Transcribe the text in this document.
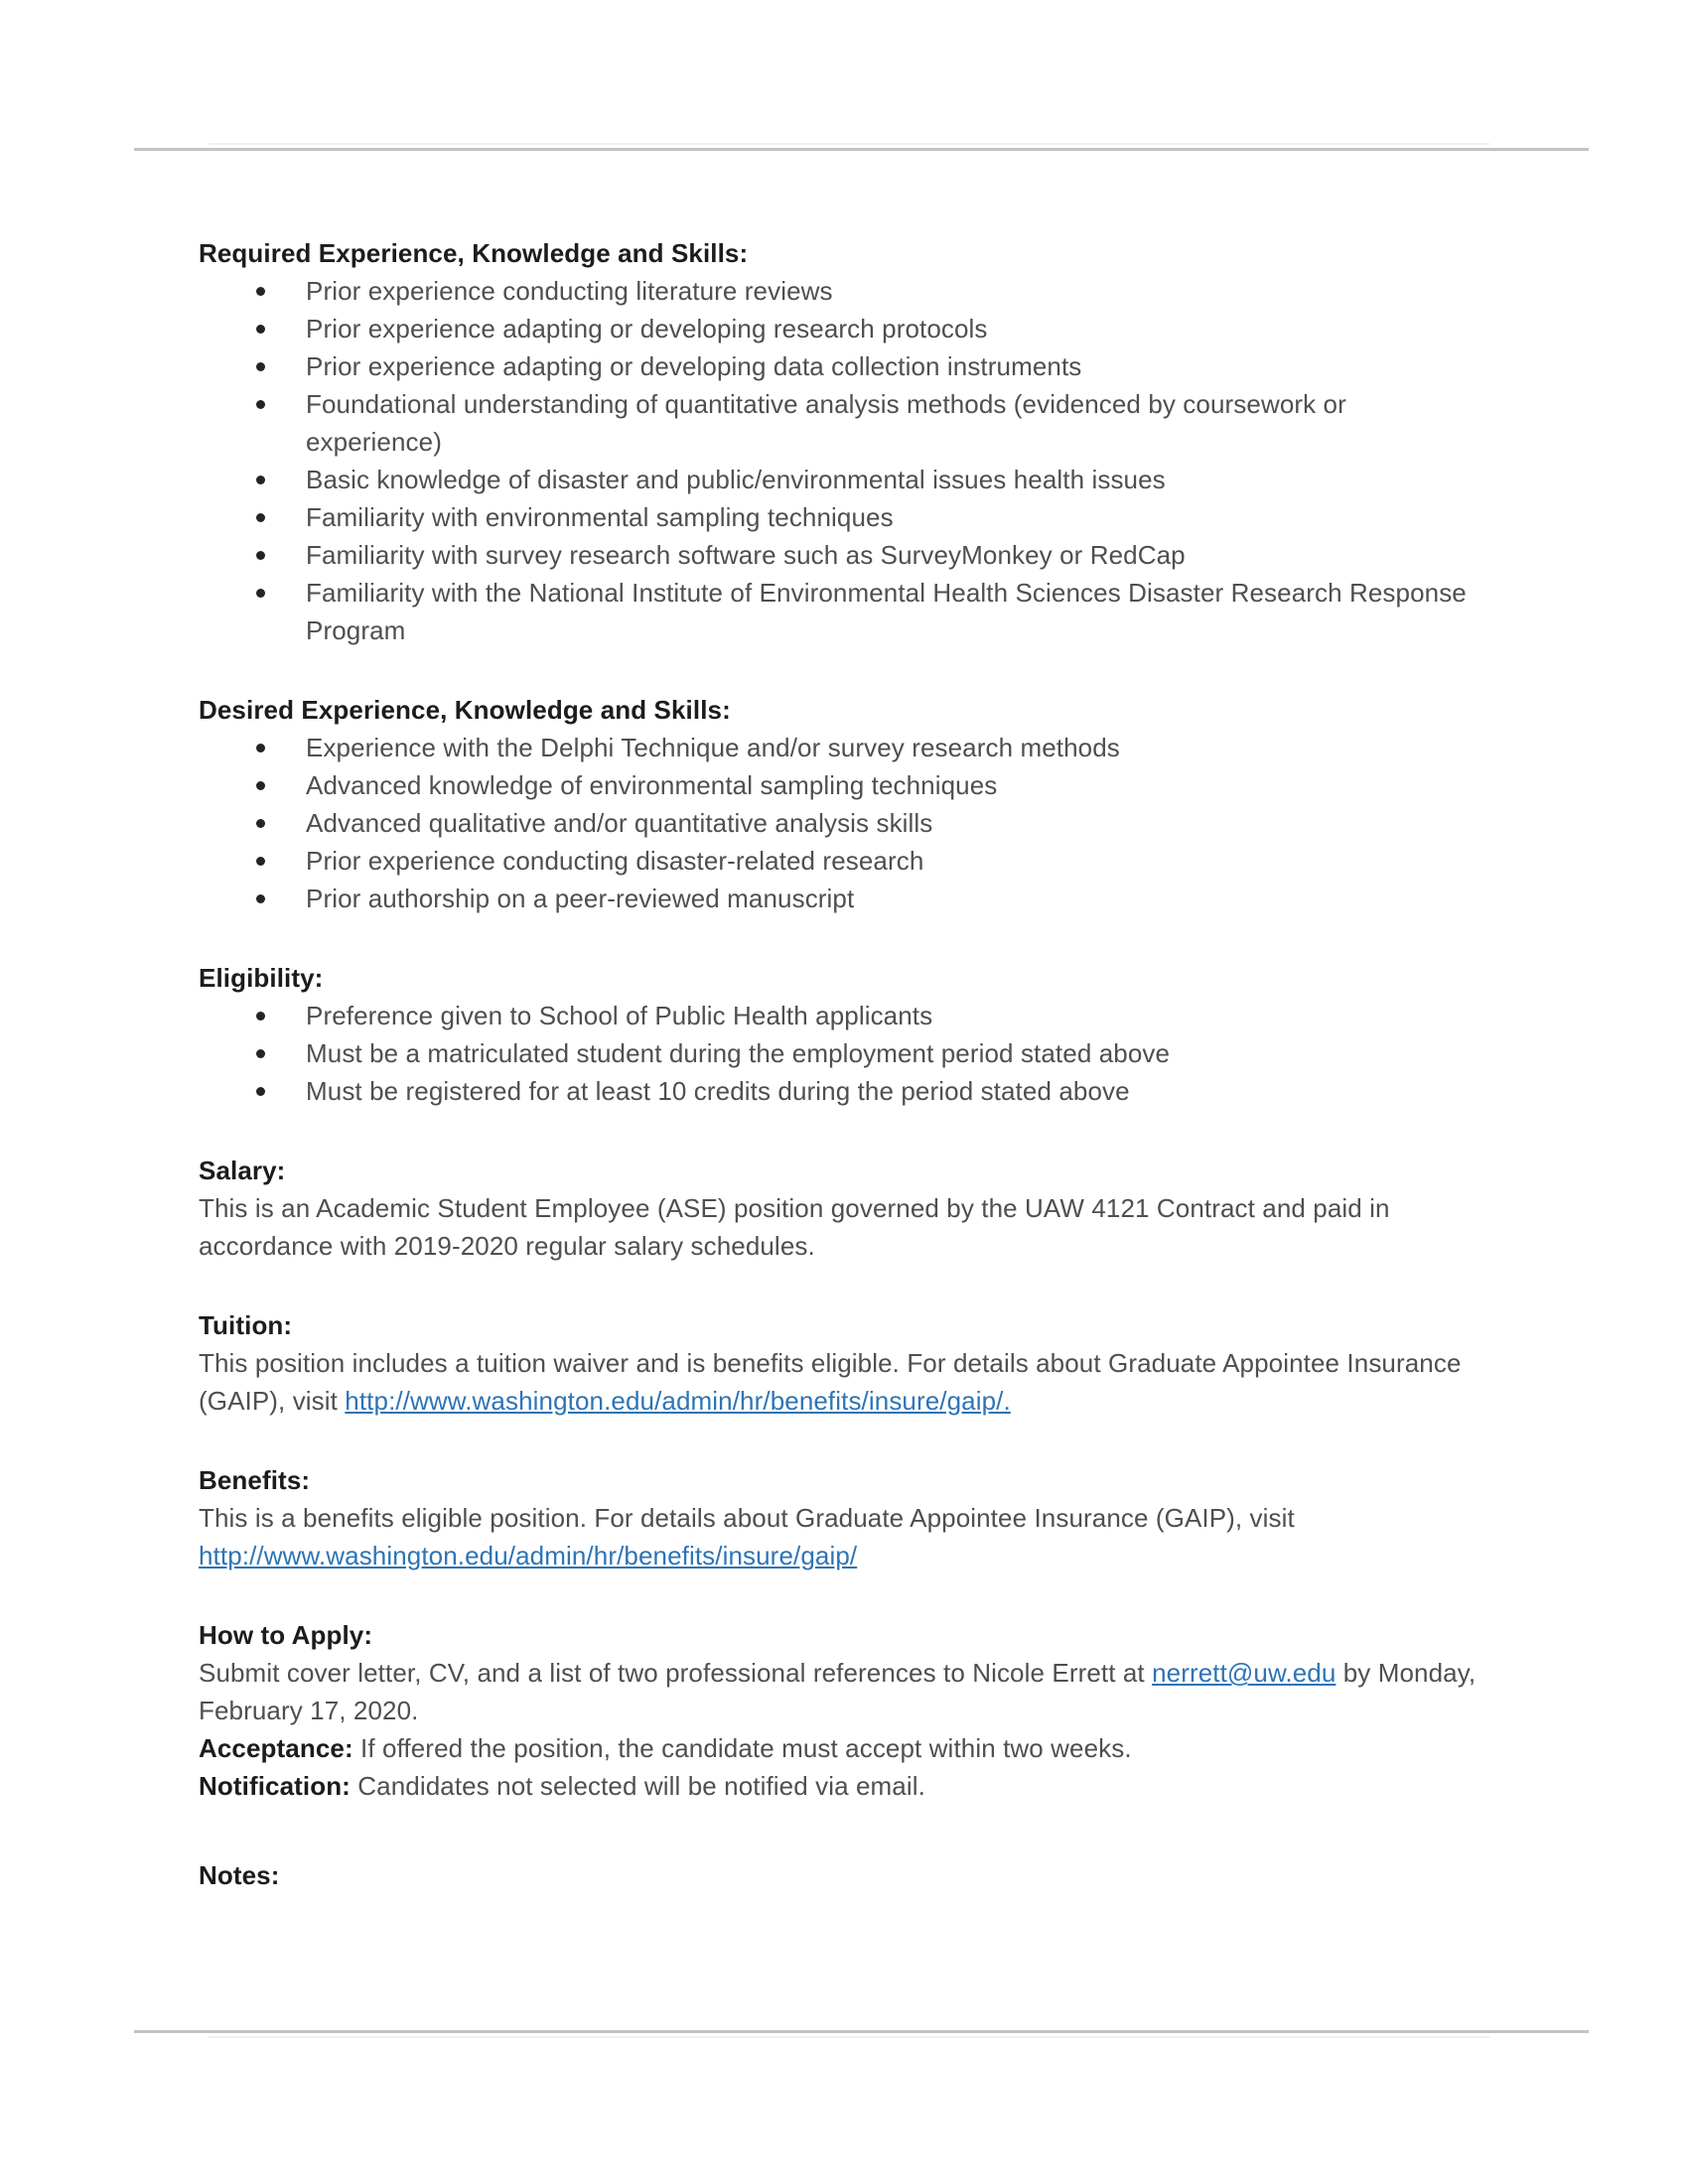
Required Experience, Knowledge and Skills:
Prior experience conducting literature reviews
Prior experience adapting or developing research protocols
Prior experience adapting or developing data collection instruments
Foundational understanding of quantitative analysis methods (evidenced by coursework or experience)
Basic knowledge of disaster and public/environmental issues health issues
Familiarity with environmental sampling techniques
Familiarity with survey research software such as SurveyMonkey or RedCap
Familiarity with the National Institute of Environmental Health Sciences Disaster Research Response Program
Desired Experience, Knowledge and Skills:
Experience with the Delphi Technique and/or survey research methods
Advanced knowledge of environmental sampling techniques
Advanced qualitative and/or quantitative analysis skills
Prior experience conducting disaster-related research
Prior authorship on a peer-reviewed manuscript
Eligibility:
Preference given to School of Public Health applicants
Must be a matriculated student during the employment period stated above
Must be registered for at least 10 credits during the period stated above
Salary:

This is an Academic Student Employee (ASE) position governed by the UAW 4121 Contract and paid in accordance with 2019-2020 regular salary schedules.

Tuition:

This position includes a tuition waiver and is benefits eligible. For details about Graduate Appointee Insurance (GAIP), visit http://www.washington.edu/admin/hr/benefits/insure/gaip/.

Benefits:

This is a benefits eligible position. For details about Graduate Appointee Insurance (GAIP), visit http://www.washington.edu/admin/hr/benefits/insure/gaip/

How to Apply:

Submit cover letter, CV, and a list of two professional references to Nicole Errett at nerrett@uw.edu by Monday, February 17, 2020.

Acceptance: If offered the position, the candidate must accept within two weeks.

Notification: Candidates not selected will be notified via email.

Notes:
